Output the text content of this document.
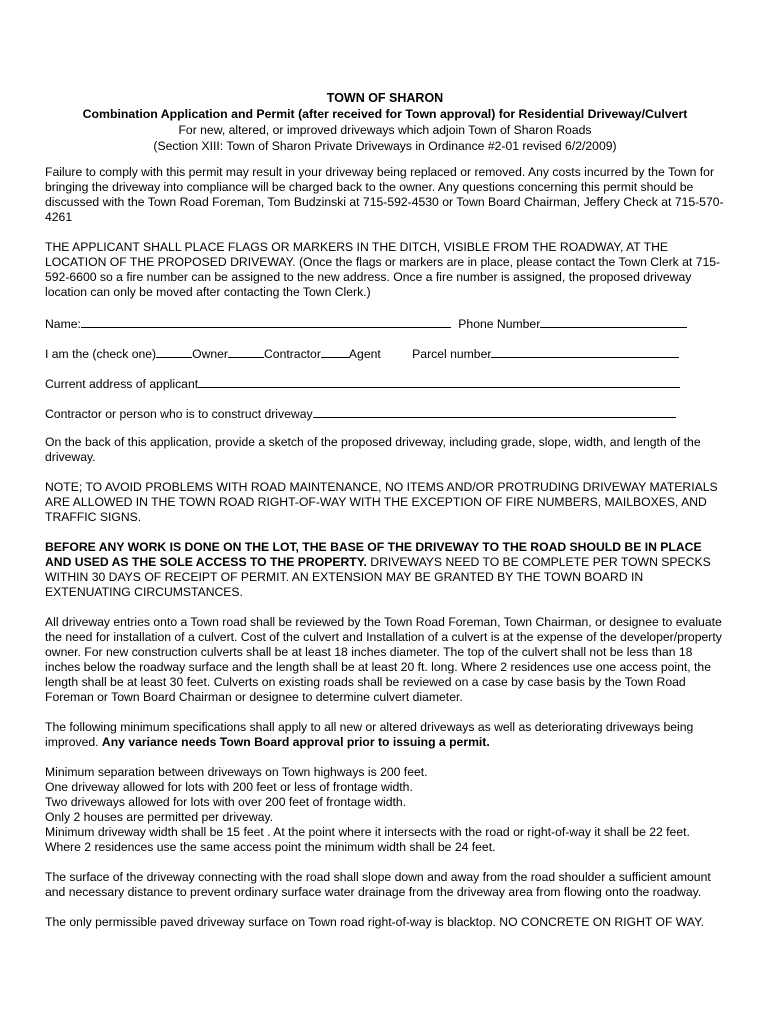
TOWN OF SHARON
Combination Application and Permit (after received for Town approval) for Residential Driveway/Culvert
For new, altered, or improved driveways which adjoin Town of Sharon Roads
(Section XIII: Town of Sharon Private Driveways in Ordinance #2-01 revised 6/2/2009)

Failure to comply with this permit may result in your driveway being replaced or removed. Any costs incurred by the Town for bringing the driveway into compliance will be charged back to the owner. Any questions concerning this permit should be discussed with the Town Road Foreman, Tom Budzinski at 715-592-4530 or Town Board Chairman, Jeffery Check at 715-570-4261

THE APPLICANT SHALL PLACE FLAGS OR MARKERS IN THE DITCH, VISIBLE FROM THE ROADWAY, AT THE LOCATION OF THE PROPOSED DRIVEWAY. (Once the flags or markers are in place, please contact the Town Clerk at 715-592-6600 so a fire number can be assigned to the new address. Once a fire number is assigned, the proposed driveway location can only be moved after contacting the Town Clerk.)

Name:	Phone Number
I am the (check one)	Owner	Contractor Agent	Parcel number
Current address of applicant
Contractor or person who is to construct driveway

On the back of this application, provide a sketch of the proposed driveway, including grade, slope, width, and length of the driveway.

NOTE; TO AVOID PROBLEMS WITH ROAD MAINTENANCE, NO ITEMS AND/OR PROTRUDING DRIVEWAY MATERIALS ARE ALLOWED IN THE TOWN ROAD RIGHT-OF-WAY WITH THE EXCEPTION OF FIRE NUMBERS, MAILBOXES, AND TRAFFIC SIGNS.

BEFORE ANY WORK IS DONE ON THE LOT, THE BASE OF THE DRIVEWAY TO THE ROAD SHOULD BE IN PLACE AND USED AS THE SOLE ACCESS TO THE PROPERTY. DRIVEWAYS NEED TO BE COMPLETE PER TOWN SPECKS WITHIN 30 DAYS OF RECEIPT OF PERMIT. AN EXTENSION MAY BE GRANTED BY THE TOWN BOARD IN EXTENUATING CIRCUMSTANCES.

All driveway entries onto a Town road shall be reviewed by the Town Road Foreman, Town Chairman, or designee to evaluate the need for installation of a culvert. Cost of the culvert and Installation of a culvert is at the expense of the developer/property owner. For new construction culverts shall be at least 18 inches diameter. The top of the culvert shall not be less than 18 inches below the roadway surface and the length shall be at least 20 ft. long. Where 2 residences use one access point, the length shall be at least 30 feet. Culverts on existing roads shall be reviewed on a case by case basis by the Town Road Foreman or Town Board Chairman or designee to determine culvert diameter.

The following minimum specifications shall apply to all new or altered driveways as well as deteriorating driveways being improved. Any variance needs Town Board approval prior to issuing a permit.

Minimum separation between driveways on Town highways is 200 feet.
One driveway allowed for lots with 200 feet or less of frontage width.
Two driveways allowed for lots with over 200 feet of frontage width.
Only 2 houses are permitted per driveway.
Minimum driveway width shall be 15 feet . At the point where it intersects with the road or right-of-way it shall be 22 feet.
Where 2 residences use the same access point the minimum width shall be 24 feet.

The surface of the driveway connecting with the road shall slope down and away from the road shoulder a sufficient amount and necessary distance to prevent ordinary surface water drainage from the driveway area from flowing onto the roadway.

The only permissible paved driveway surface on Town road right-of-way is blacktop. NO CONCRETE ON RIGHT OF WAY.
